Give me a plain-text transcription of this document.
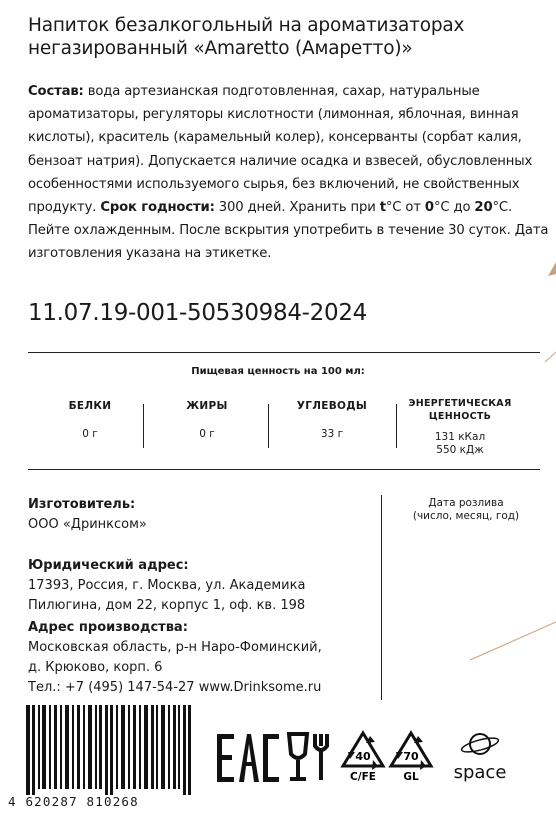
Напиток безалкогольный на ароматизаторах негазированный «Amaretto (Амаретто)»
Состав: вода артезианская подготовленная, сахар, натуральные ароматизаторы, регуляторы кислотности (лимонная, яблочная, винная кислоты), краситель (карамельный колер), консерванты (сорбат калия, бензоат натрия). Допускается наличие осадка и взвесей, обусловленных особенностями используемого сырья, без включений, не свойственных продукту. Срок годности: 300 дней. Хранить при t°С от 0°С до 20°С. Пейте охлажденным. После вскрытия употребить в течение 30 суток. Дата изготовления указана на этикетке.
11.07.19-001-50530984-2024
Пищевая ценность на 100 мл:
БЕЛКИ
0 г
ЖИРЫ
0 г
УГЛЕВОДЫ
33 г
ЭНЕРГЕТИЧЕСКАЯ
ЦЕННОСТЬ
131 кКал
550 кДж
Изготовитель:
ООО «Дринксом»
Юридический адрес:
17393, Россия, г. Москва, ул. Академика
Пилюгина, дом 22, корпус 1, оф. кв. 198
Адрес производства:
Московская область, р-н Наро-Фоминский,
д. Крюково, корп. 6
Тел.: +7 (495) 147-54-27 www.Drinksome.ru
Дата розлива
(число, месяц, год)
4 620287 810268
40
C/FE
70
GL space
